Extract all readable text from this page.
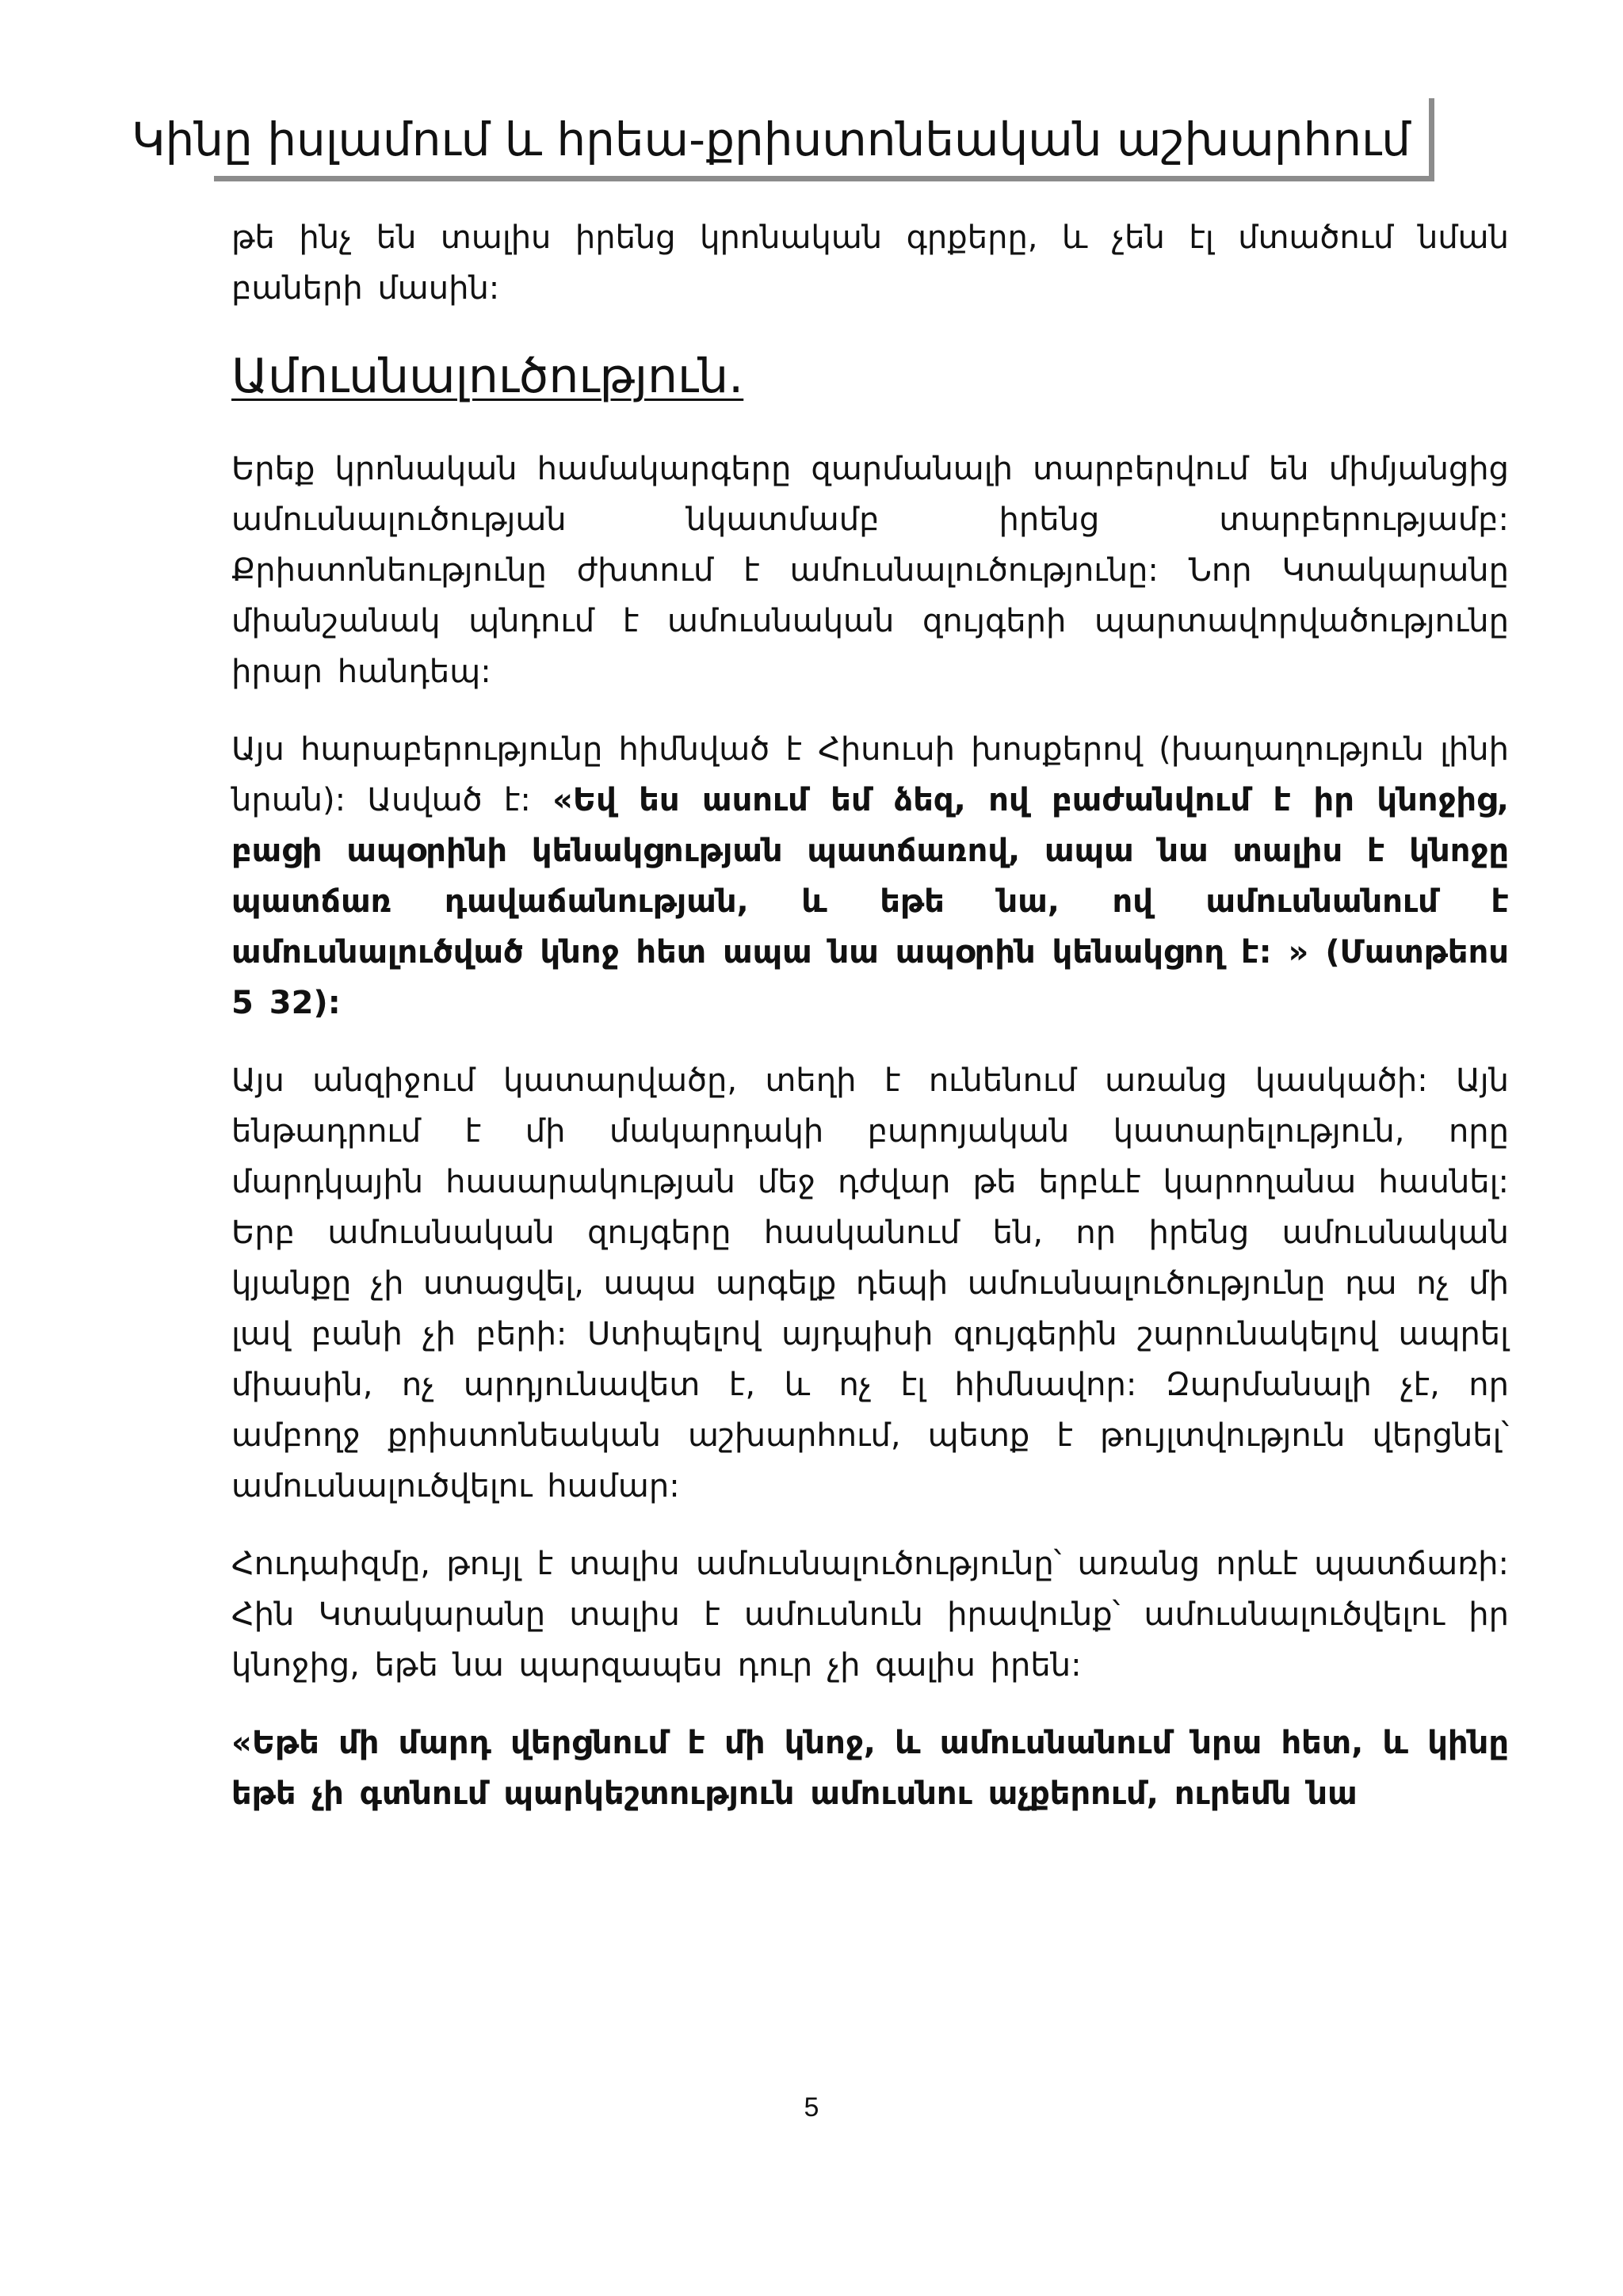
Կինը իսլամում և հրեա-քրիստոնեական աշխարհում

թե ինչ են տալիս իրենց կրոնական գրքերը, և չեն էլ մտածում նման բաների մասին:

Ամուսնալուծություն.

Երեք կրոնական համակարգերը զարմանալի տարբերվում են միմյանցից ամուսնալուծության նկատմամբ իրենց տարբերությամբ: Քրիստոնեությունը ժխտում է ամուսնալուծությունը: Նոր Կտակարանը միանշանակ պնդում է ամուսնական զույգերի պարտավորվածությունը իրար հանդեպ:

Այս հարաբերությունը հիմնված է Հիսուսի խոսքերով (խաղաղություն լինի նրան): Ասված է: «Եվ ես ասում եմ ձեզ, ով բաժանվում է իր կնոջից, բացի ապօրինի կենակցության պատճառով, ապա նա տալիս է կնոջը պատճառ դավաճանության, և եթե նա, ով ամուսնանում է ամուսնալուծված կնոջ հետ ապա նա ապօրին կենակցող է: » (Մատթեոս 5 32):

Այս անզիջում կատարվածը, տեղի է ունենում առանց կասկածի: Այն ենթադրում է մի մակարդակի բարոյական կատարելություն, որը մարդկային հասարակության մեջ դժվար թե երբևէ կարողանա հասնել: Երբ ամուսնական զույգերը հասկանում են, որ իրենց ամուսնական կյանքը չի ստացվել, ապա արգելք դեպի ամուսնալուծությունը դա ոչ մի լավ բանի չի բերի: Ստիպելով այդպիսի զույգերին շարունակելով ապրել միասին, ոչ արդյունավետ է, և ոչ էլ հիմնավոր: Զարմանալի չէ, որ ամբողջ քրիստոնեական աշխարհում, պետք է թույլտվություն վերցնել՝ ամուսնալուծվելու համար:

Հուդաիզմը, թույլ է տալիս ամուսնալուծությունը՝ առանց որևէ պատճառի: Հին Կտակարանը տալիս է ամուսնուն իրավունք՝ ամուսնալուծվելու իր կնոջից, եթե նա պարզապես դուր չի գալիս իրեն:

«Եթե մի մարդ վերցնում է մի կնոջ, և ամուսնանում նրա հետ, և կինը եթե չի գտնում պարկեշտություն ամուսնու աչքերում, ուրեմն նա

5
